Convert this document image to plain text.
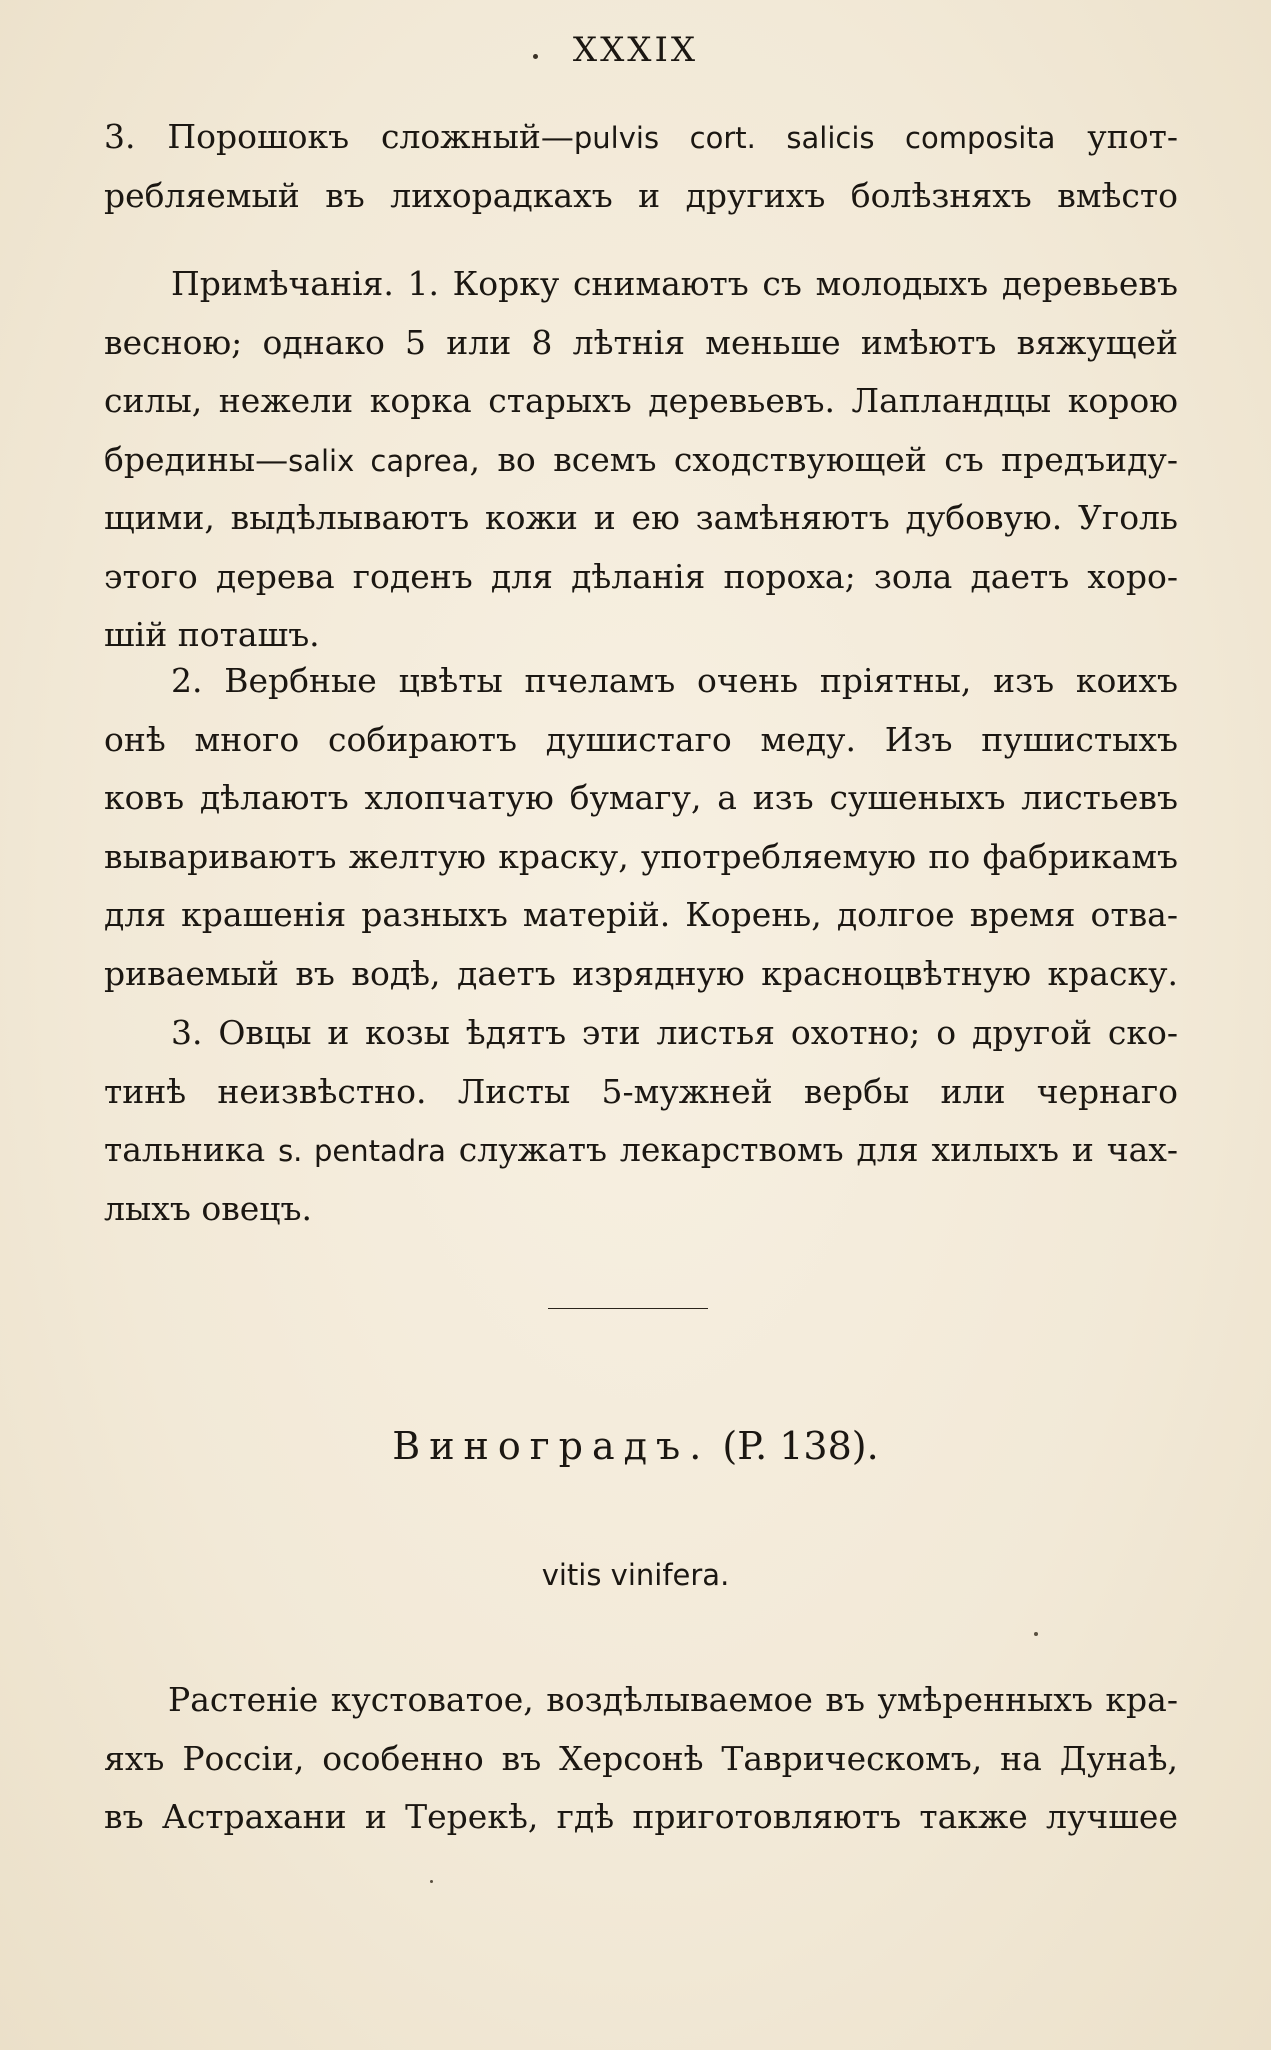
XXXIX
3. Порошокъ сложный—pulvis cort. salicis composita упот-
ребляемый въ лихорадкахъ и другихъ болѣзняхъ вмѣсто
Примѣчанія. 1. Корку снимаютъ съ молодыхъ деревьевъ
весною; однако 5 или 8 лѣтнія меньше имѣютъ вяжущей
силы, нежели корка старыхъ деревьевъ. Лапландцы корою
бредины—salix caprea, во всемъ сходствующей съ предъиду-
щими, выдѣлываютъ кожи и ею замѣняютъ дубовую. Уголь
этого дерева годенъ для дѣланія пороха; зола даетъ хоро-
шій поташъ.
2. Вербные цвѣты пчеламъ очень пріятны, изъ коихъ
онѣ много собираютъ душистаго меду. Изъ пушистыхъ
ковъ дѣлаютъ хлопчатую бумагу, а изъ сушеныхъ листьевъ
вывариваютъ желтую краску, употребляемую по фабрикамъ
для крашенія разныхъ матерій. Корень, долгое время отва-
риваемый въ водѣ, даетъ изрядную красноцвѣтную краску.
3. Овцы и козы ѣдятъ эти листья охотно; о другой ско-
тинѣ неизвѣстно. Листы 5-мужней вербы или чернаго
тальника s. pentadra служатъ лекарствомъ для хилыхъ и чах-
лыхъ овецъ.
Виноградъ. (P. 138).
vitis vinifera.
Растеніе кустоватое, воздѣлываемое въ умѣренныхъ кра-
яхъ Россіи, особенно въ Херсонѣ Таврическомъ, на Дунаѣ,
въ Астрахани и Терекѣ, гдѣ приготовляютъ также лучшее
